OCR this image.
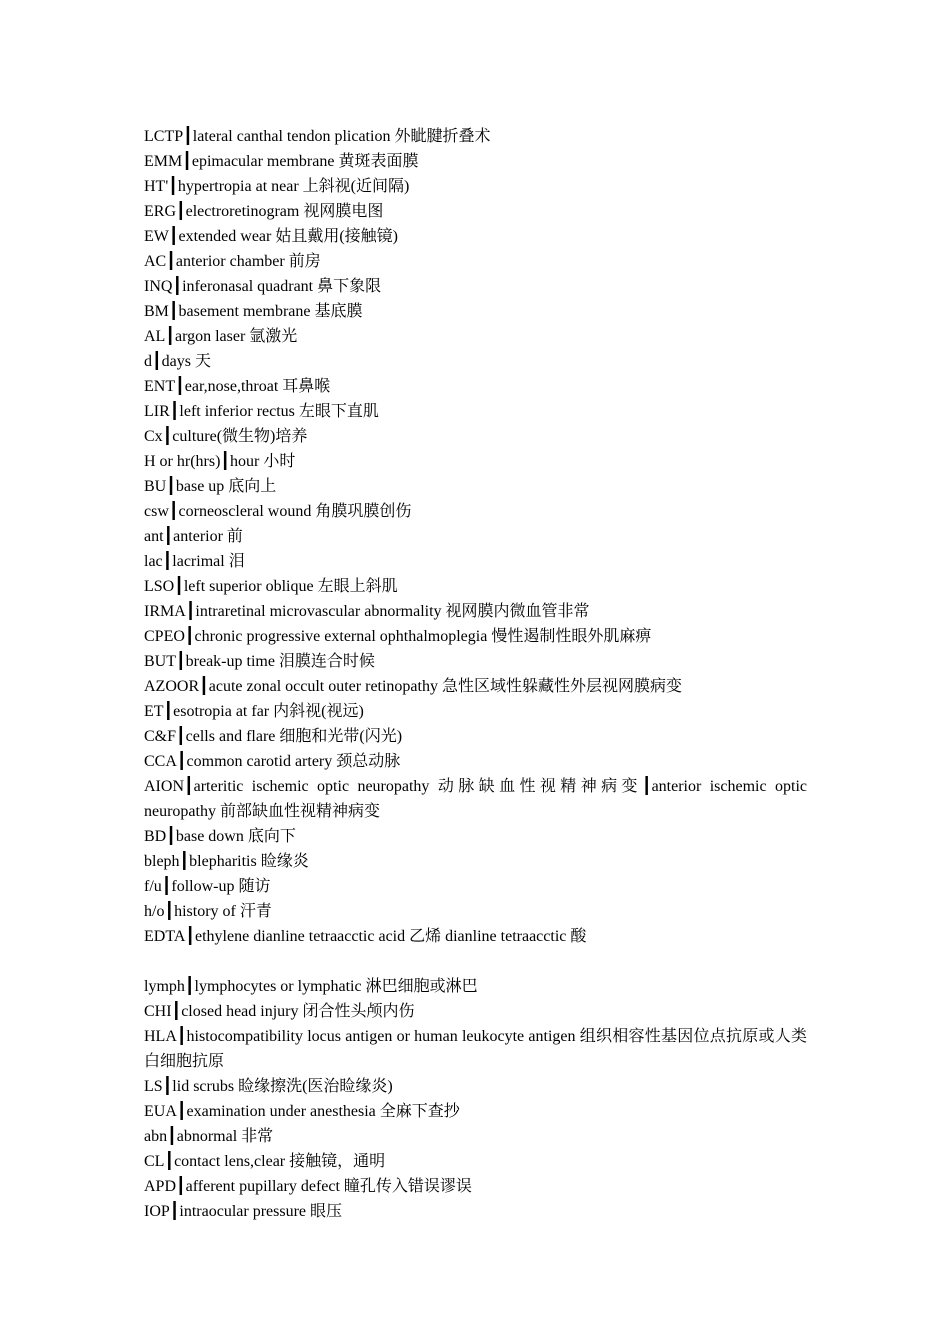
LCTP┃lateral canthal tendon plication 外眦腱折叠术

EMM┃epimacular membrane 黄斑表面膜

HT'┃hypertropia at near 上斜视(近间隔)

ERG┃electroretinogram 视网膜电图

EW┃extended wear 姑且戴用(接触镜)

AC┃anterior chamber 前房

INQ┃inferonasal quadrant 鼻下象限

BM┃basement membrane 基底膜

AL┃argon laser 氩激光

d┃days 天

ENT┃ear,nose,throat 耳鼻喉

LIR┃left inferior rectus 左眼下直肌

Cx┃culture(微生物)培养

H or hr(hrs)┃hour 小时

BU┃base up 底向上

csw┃corneoscleral wound 角膜巩膜创伤

ant┃anterior 前

lac┃lacrimal 泪

LSO┃left superior oblique 左眼上斜肌

IRMA┃intraretinal microvascular abnormality 视网膜内微血管非常

CPEO┃chronic progressive external ophthalmoplegia 慢性遏制性眼外肌麻痹

BUT┃break-up time 泪膜连合时候

AZOOR┃acute zonal occult outer retinopathy 急性区域性躲藏性外层视网膜病变

ET┃esotropia at far 内斜视(视远)

C&F┃cells and flare 细胞和光带(闪光)

CCA┃common carotid artery 颈总动脉

AION┃arteritic ischemic optic neuropathy 动脉缺血性视精神病变┃anterior ischemic optic neuropathy 前部缺血性视精神病变

BD┃base down 底向下

bleph┃blepharitis 睑缘炎

f/u┃follow-up 随访

h/o┃history of 汗青

EDTA┃ethylene dianline tetraacctic acid 乙烯 dianline tetraacctic 酸

lymph┃lymphocytes or lymphatic 淋巴细胞或淋巴

CHI┃closed head injury 闭合性头颅内伤

HLA┃histocompatibility locus antigen or human leukocyte antigen 组织相容性基因位点抗原或人类白细胞抗原

LS┃lid scrubs 睑缘擦洗(医治睑缘炎)

EUA┃examination under anesthesia 全麻下查抄

abn┃abnormal 非常

CL┃contact lens,clear 接触镜，通明

APD┃afferent pupillary defect 瞳孔传入错误谬误

IOP┃intraocular pressure 眼压
